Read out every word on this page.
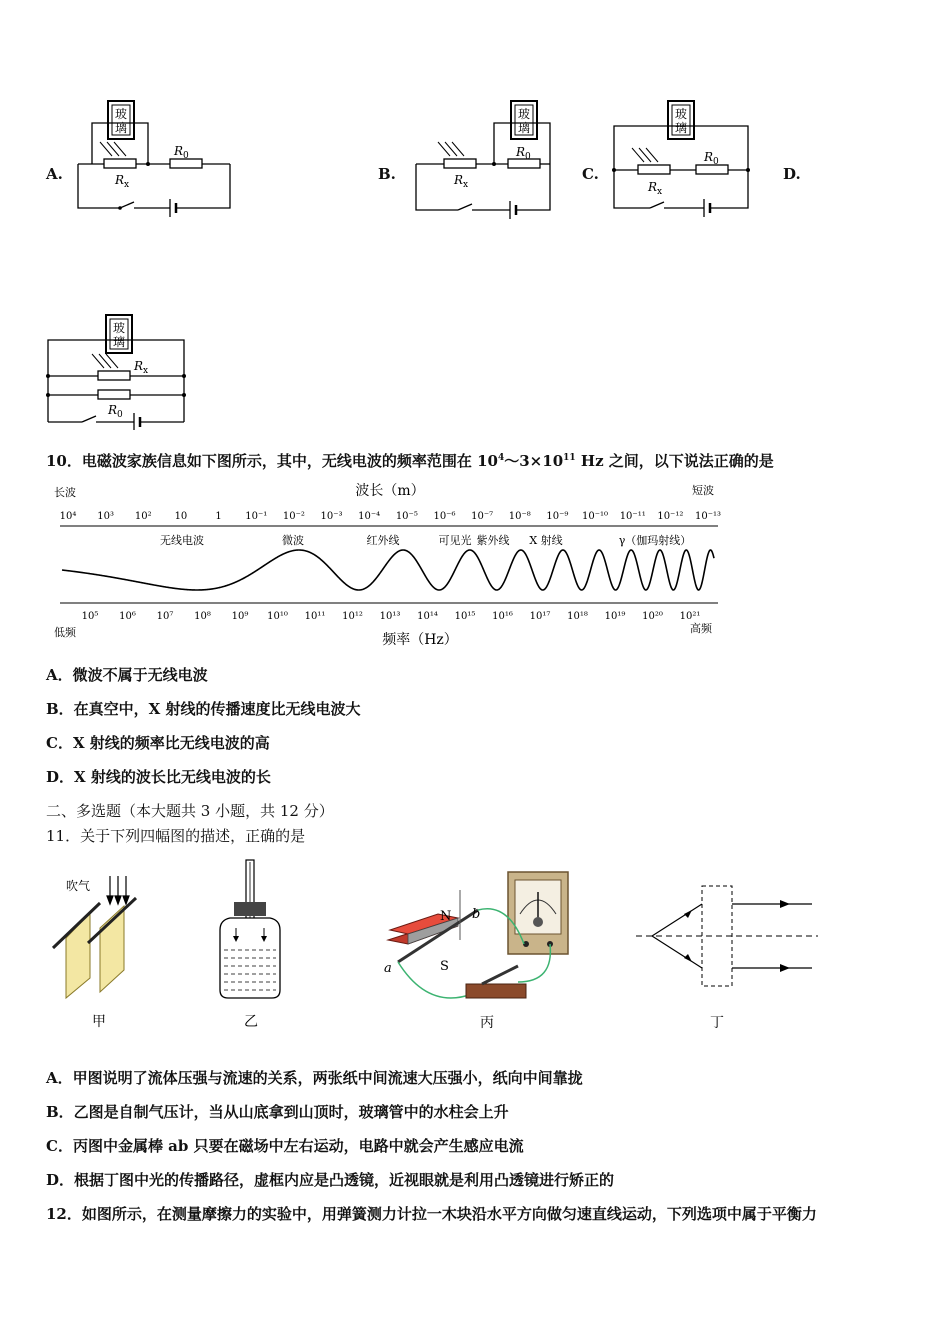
A.	B.	C.	D.
玻
璃
R 0
R x
玻
璃
R 0
R x
玻
璃
R 0
R x
玻
璃
R x
R 0
10．电磁波家族信息如下图所示，其中，无线电波的频率范围在 $10^4\sim 3\times 10^{11}$ Hz 之间，以下说法正确的是
长波	短波
波长（m）
10⁴ 10³ 10² 10	1 10⁻¹ 10⁻² 10⁻³ 10⁻⁴ 10⁻⁵ 10⁻⁶ 10⁻⁷ 10⁻⁸ 10⁻⁹ 10⁻¹⁰ 10⁻¹¹ 10⁻¹² 10⁻¹³
无线电波	微波	红外线	可见光 紫外线 X 射线	γ（伽玛射线）
10⁵ 10⁶ 10⁷ 10⁸ 10⁹ 10¹⁰ 10¹¹ 10¹² 10¹³ 10¹⁴ 10¹⁵ 10¹⁶ 10¹⁷ 10¹⁸ 10¹⁹ 10²⁰ 10²¹
低频	高频
频率（Hz）
A．微波不属于无线电波
B．在真空中，X 射线的传播速度比无线电波大
C．X 射线的频率比无线电波的高
D．X 射线的波长比无线电波的长
二、多选题（本大题共 3 小题，共 12 分）
11．关于下列四幅图的描述，正确的是
吹气
甲	乙
N
S
a
b
丙	丁
A．甲图说明了流体压强与流速的关系，两张纸中间流速大压强小，纸向中间靠拢
B．乙图是自制气压计，当从山底拿到山顶时，玻璃管中的水柱会上升
C．丙图中金属棒 ab 只要在磁场中左右运动，电路中就会产生感应电流
D．根据丁图中光的传播路径，虚框内应是凸透镜，近视眼就是利用凸透镜进行矫正的
12．如图所示，在测量摩擦力的实验中，用弹簧测力计拉一木块沿水平方向做匀速直线运动，下列选项中属于平衡力
